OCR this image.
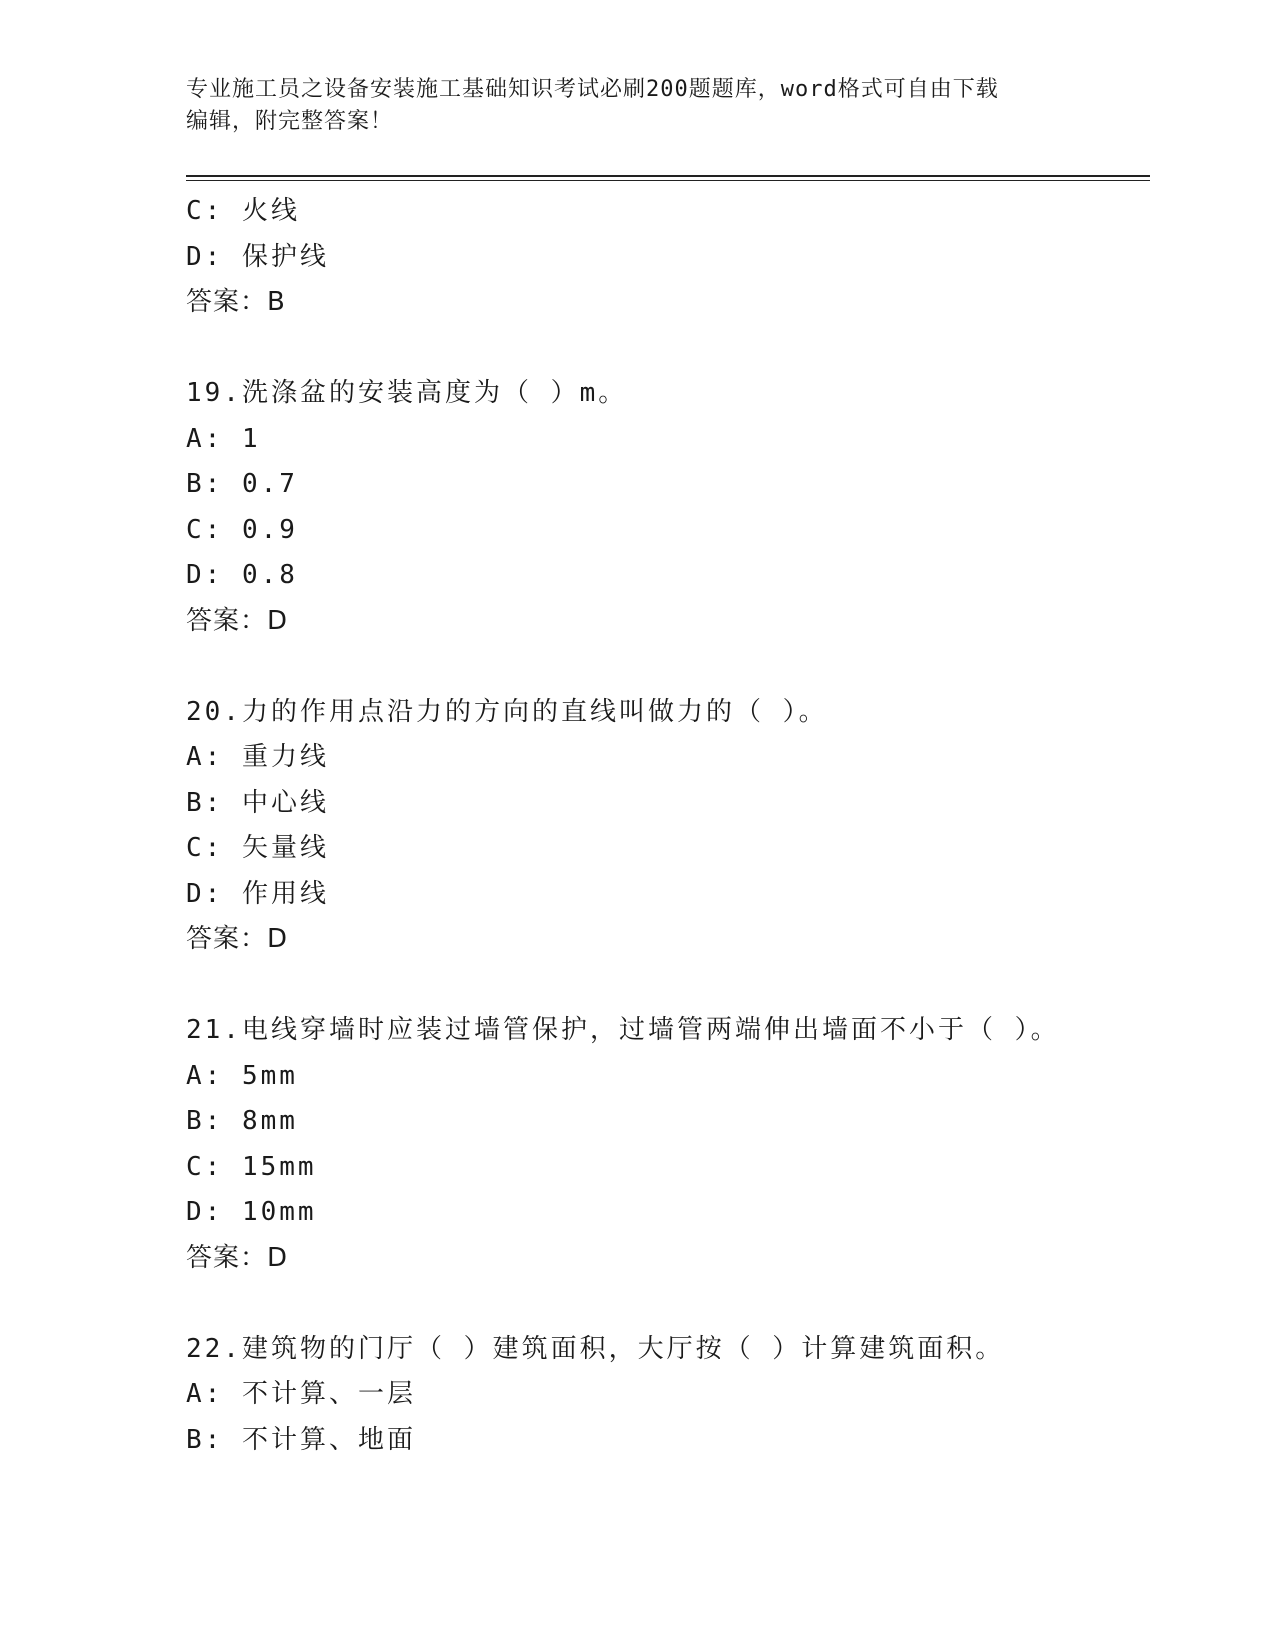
专业施工员之设备安装施工基础知识考试必刷200题题库，word格式可自由下载
编辑，附完整答案！
C: 火线
D: 保护线
答案：B
19.洗涤盆的安装高度为（ ）m。
A: 1
B: 0.7
C: 0.9
D: 0.8
答案：D
20.力的作用点沿力的方向的直线叫做力的（ ）。
A: 重力线
B: 中心线
C: 矢量线
D: 作用线
答案：D
21.电线穿墙时应装过墙管保护，过墙管两端伸出墙面不小于（ ）。
A: 5mm
B: 8mm
C: 15mm
D: 10mm
答案：D
22.建筑物的门厅（ ）建筑面积，大厅按（ ）计算建筑面积。
A: 不计算、一层
B: 不计算、地面
